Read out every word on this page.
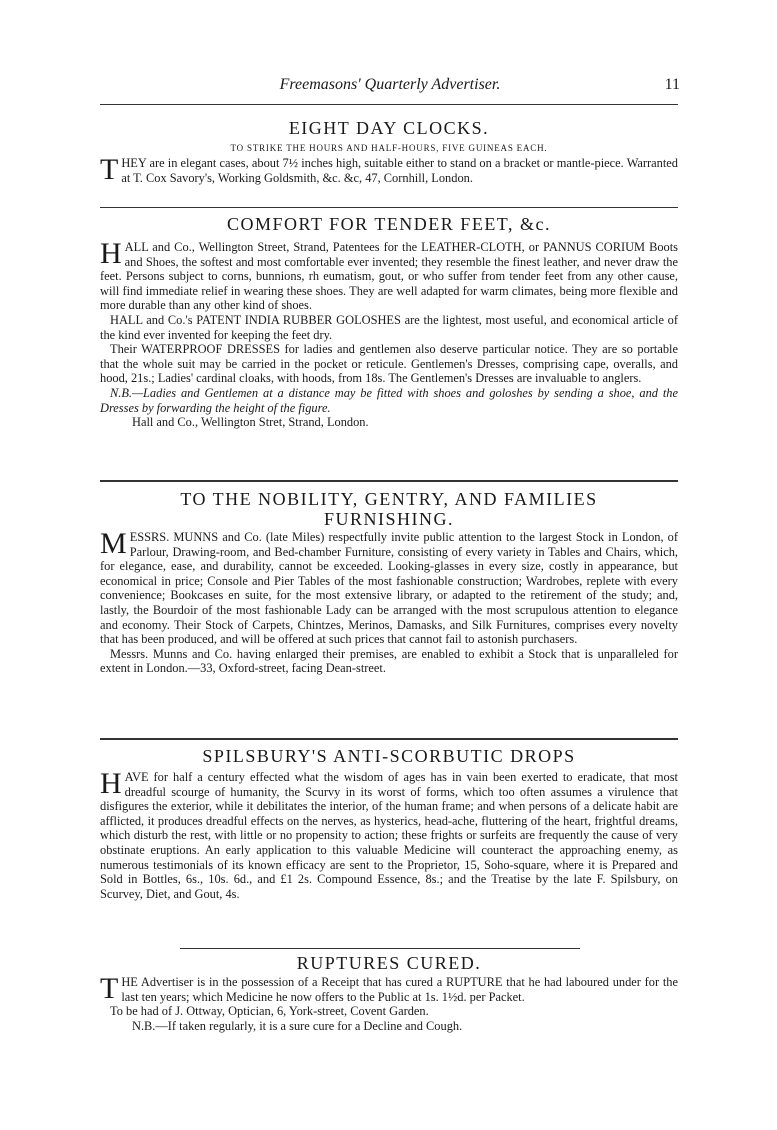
Freemasons' Quarterly Advertiser.	11
EIGHT DAY CLOCKS.
TO STRIKE THE HOURS AND HALF-HOURS, FIVE GUINEAS EACH.

THEY are in elegant cases, about 7½ inches high, suitable either to stand on a bracket or mantle-piece. Warranted at T. Cox Savory's, Working Goldsmith, &c. &c, 47, Cornhill, London.

COMFORT FOR TENDER FEET, &c.

HALL and Co., Wellington Street, Strand, Patentees for the LEATHER-CLOTH, or PANNUS CORIUM Boots and Shoes, the softest and most comfortable ever invented; they resemble the finest leather, and never draw the feet. Persons subject to corns, bunnions, rh eumatism, gout, or who suffer from tender feet from any other cause, will find immediate relief in wearing these shoes. They are well adapted for warm climates, being more flexible and more durable than any other kind of shoes.

HALL and Co.'s PATENT INDIA RUBBER GOLOSHES are the lightest, most useful, and economical article of the kind ever invented for keeping the feet dry.

Their WATERPROOF DRESSES for ladies and gentlemen also deserve particular notice. They are so portable that the whole suit may be carried in the pocket or reticule. Gentlemen's Dresses, comprising cape, overalls, and hood, 21s.; Ladies' cardinal cloaks, with hoods, from 18s. The Gentlemen's Dresses are invaluable to anglers.

N.B.—Ladies and Gentlemen at a distance may be fitted with shoes and goloshes by sending a shoe, and the Dresses by forwarding the height of the figure.

Hall and Co., Wellington Stret, Strand, London.

TO THE NOBILITY, GENTRY, AND FAMILIES
FURNISHING.

MESSRS. MUNNS and Co. (late Miles) respectfully invite public attention to the largest Stock in London, of Parlour, Drawing-room, and Bed-chamber Furniture, consisting of every variety in Tables and Chairs, which, for elegance, ease, and durability, cannot be exceeded. Looking-glasses in every size, costly in appearance, but economical in price; Console and Pier Tables of the most fashionable construction; Wardrobes, replete with every convenience; Bookcases en suite, for the most extensive library, or adapted to the retirement of the study; and, lastly, the Bourdoir of the most fashionable Lady can be arranged with the most scrupulous attention to elegance and economy. Their Stock of Carpets, Chintzes, Merinos, Damasks, and Silk Furnitures, comprises every novelty that has been produced, and will be offered at such prices that cannot fail to astonish purchasers.

Messrs. Munns and Co. having enlarged their premises, are enabled to exhibit a Stock that is unparalleled for extent in London.—33, Oxford-street, facing Dean-street.

SPILSBURY'S ANTI-SCORBUTIC DROPS

HAVE for half a century effected what the wisdom of ages has in vain been exerted to eradicate, that most dreadful scourge of humanity, the Scurvy in its worst of forms, which too often assumes a virulence that disfigures the exterior, while it debilitates the interior, of the human frame; and when persons of a delicate habit are afflicted, it produces dreadful effects on the nerves, as hysterics, head-ache, fluttering of the heart, frightful dreams, which disturb the rest, with little or no propensity to action; these frights or surfeits are frequently the cause of very obstinate eruptions. An early application to this valuable Medicine will counteract the approaching enemy, as numerous testimonials of its known efficacy are sent to the Proprietor, 15, Soho-square, where it is Prepared and Sold in Bottles, 6s., 10s. 6d., and £1 2s. Compound Essence, 8s.; and the Treatise by the late F. Spilsbury, on Scurvey, Diet, and Gout, 4s.

RUPTURES CURED.

THE Advertiser is in the possession of a Receipt that has cured a RUPTURE that he had laboured under for the last ten years; which Medicine he now offers to the Public at 1s. 1½d. per Packet.

To be had of J. Ottway, Optician, 6, York-street, Covent Garden.

N.B.—If taken regularly, it is a sure cure for a Decline and Cough.
